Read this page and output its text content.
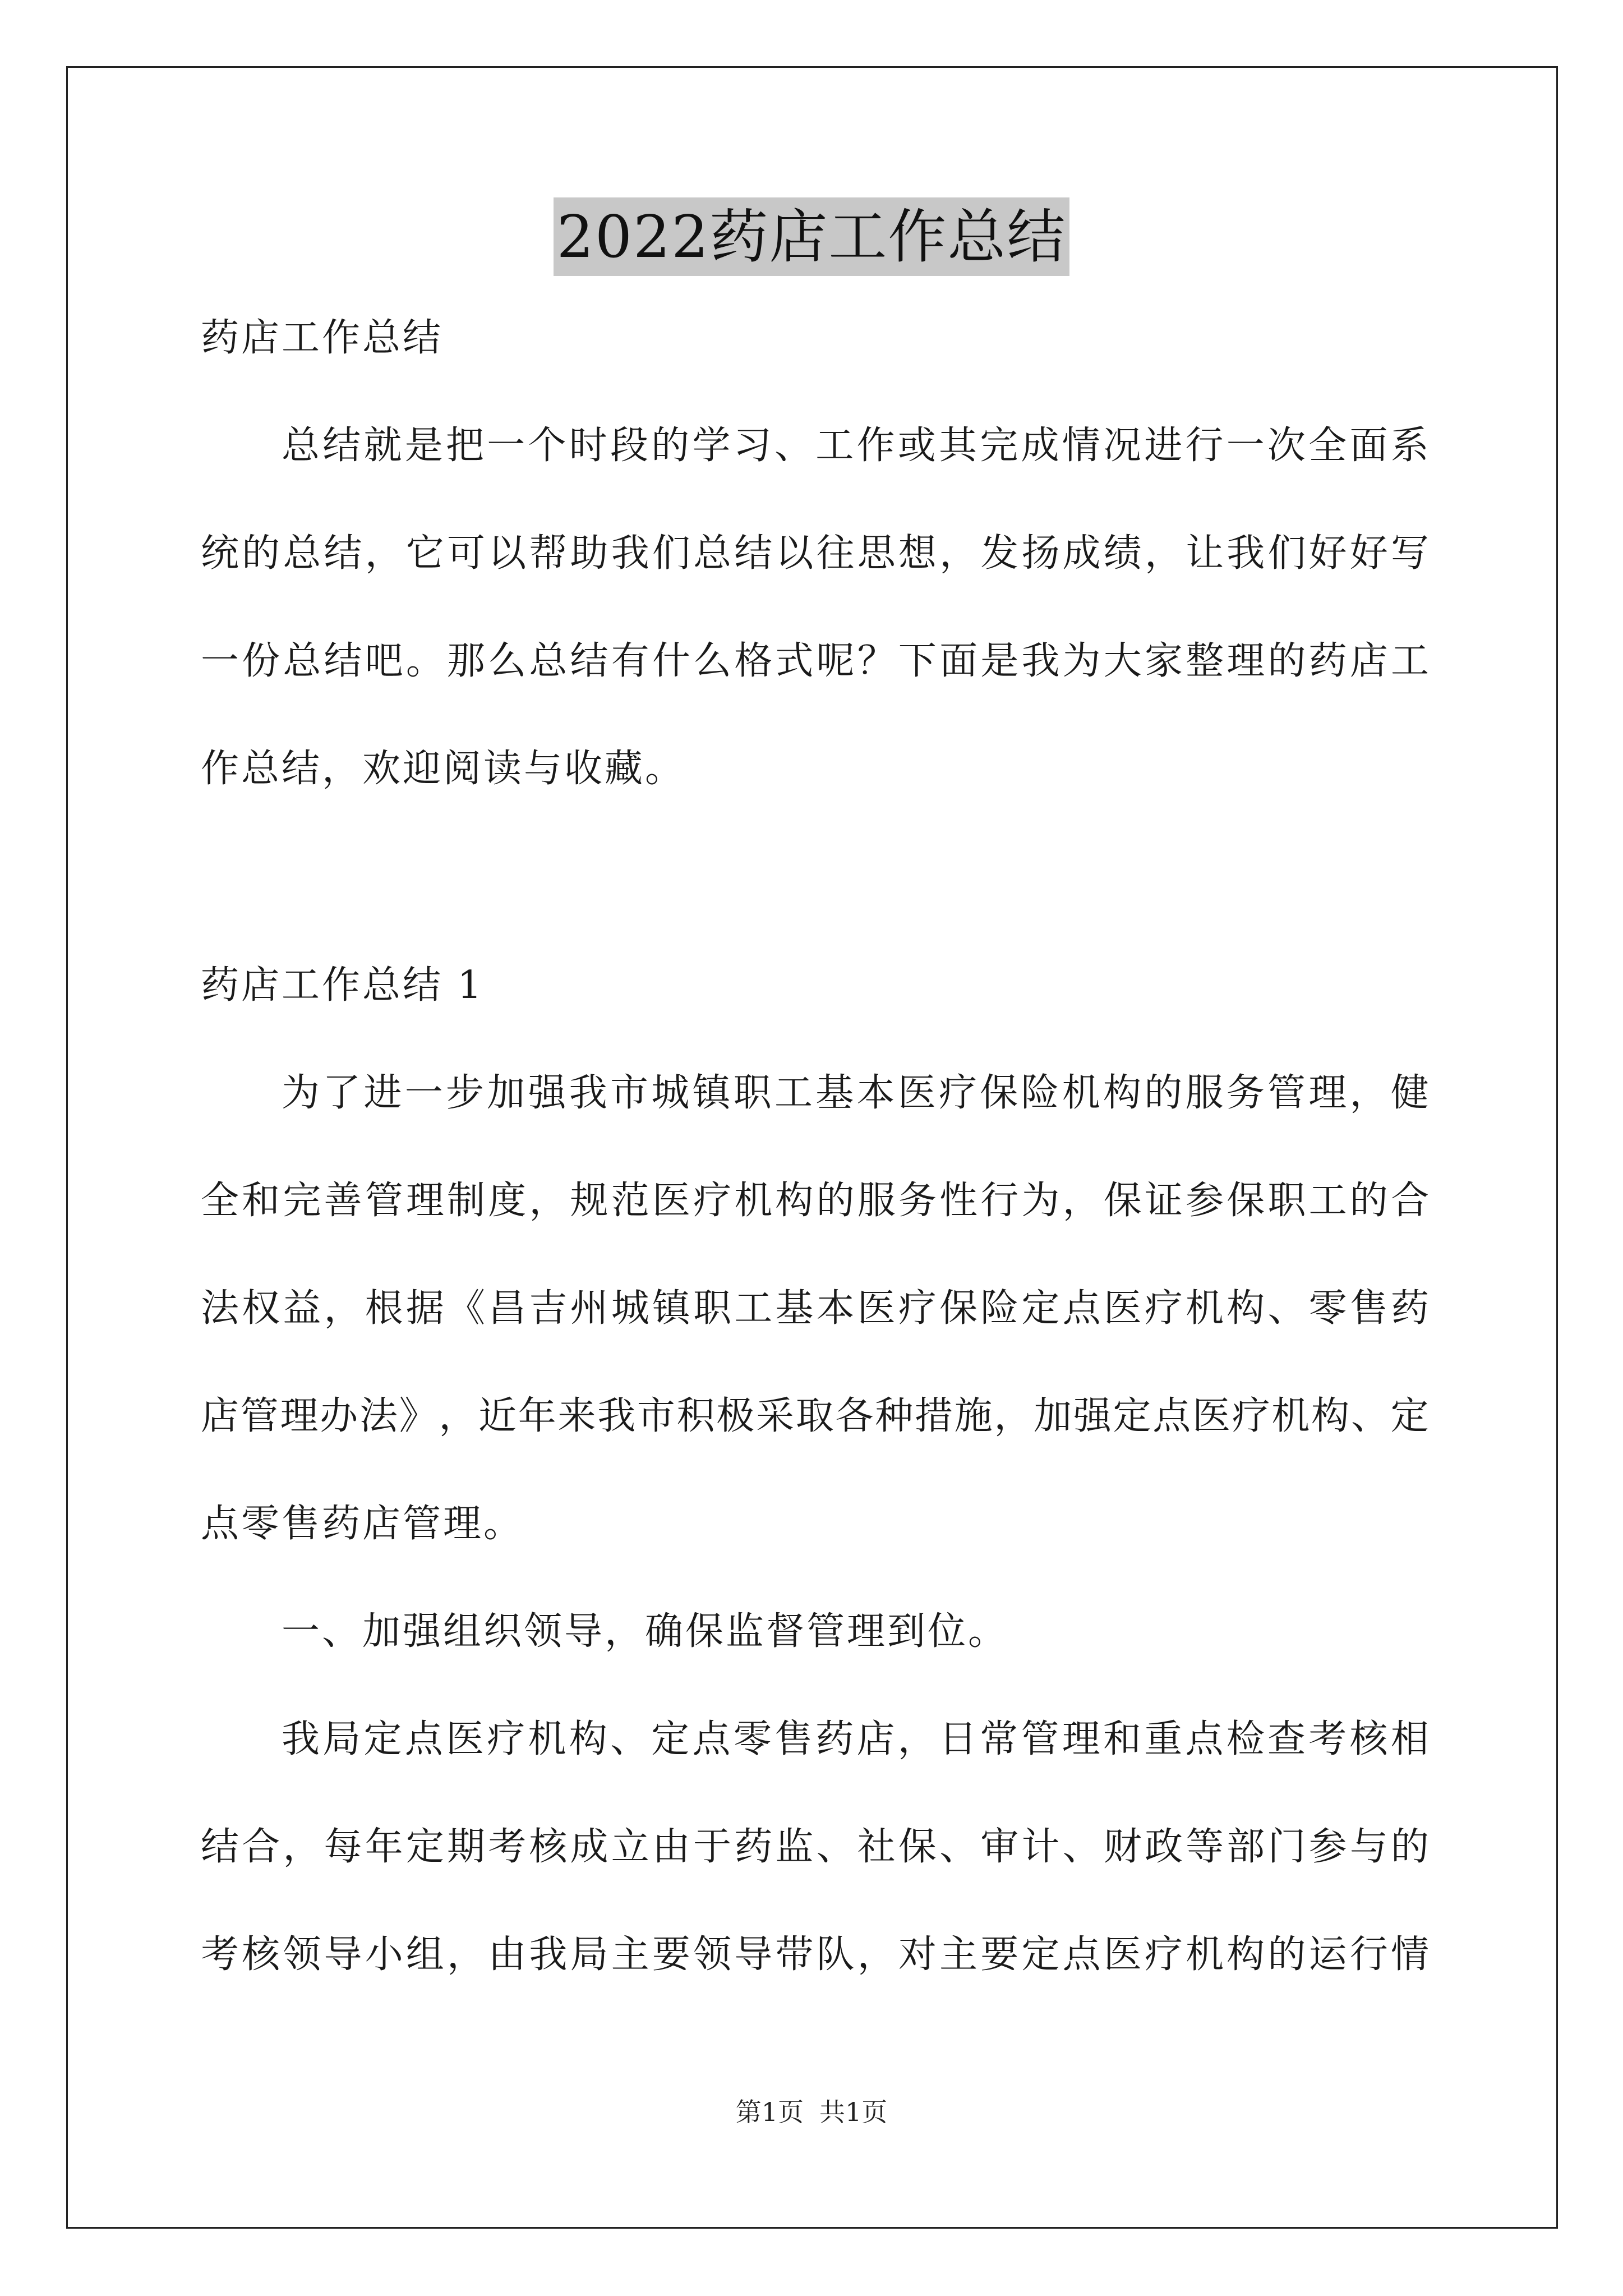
2022药店工作总结
药店工作总结
总 结 就 是 把 一 个 时 段 的 学 习 、 工 作 或 其 完 成 情 况 进 行 一 次 全 面 系
统 的 总 结 ， 它 可 以 帮 助 我 们 总 结 以 往 思 想 ， 发 扬 成 绩 ， 让 我 们 好 好 写
一 份 总 结 吧 。 那 么 总 结 有 什 么 格 式 呢 ？ 下 面 是 我 为 大 家 整 理 的 药 店 工
作总结，欢迎阅读与收藏。
药店工作总结 1
为 了 进 一 步 加 强 我 市 城 镇 职 工 基 本 医 疗 保 险 机 构 的 服 务 管 理 ， 健
全 和 完 善 管 理 制 度 ， 规 范 医 疗 机 构 的 服 务 性 行 为 ， 保 证 参 保 职 工 的 合
法 权 益 ， 根 据 《 昌 吉 州 城 镇 职 工 基 本 医 疗 保 险 定 点 医 疗 机 构 、 零 售 药
店 管 理 办 法 》 ， 近 年 来 我 市 积 极 采 取 各 种 措 施 ， 加 强 定 点 医 疗 机 构 、 定
点零售药店管理。
一、加强组织领导，确保监督管理到位。
我 局 定 点 医 疗 机 构 、 定 点 零 售 药 店 ， 日 常 管 理 和 重 点 检 查 考 核 相
结 合 ， 每 年 定 期 考 核 成 立 由 于 药 监 、 社 保 、 审 计 、 财 政 等 部 门 参 与 的
考 核 领 导 小 组 ， 由 我 局 主 要 领 导 带 队 ， 对 主 要 定 点 医 疗 机 构 的 运 行 情
第1页 共1页
